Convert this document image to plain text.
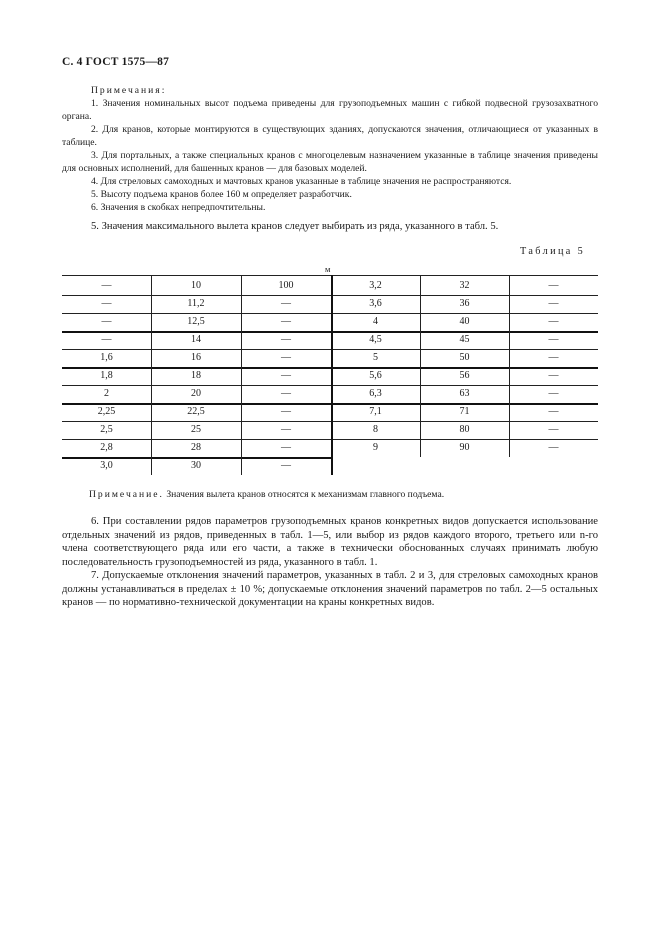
С. 4 ГОСТ 1575—87
Примечания:

1. Значения номинальных высот подъема приведены для грузоподъемных машин с гибкой подвесной грузозахватного органа.

2. Для кранов, которые монтируются в существующих зданиях, допускаются значения, отличающиеся от указанных в таблице.

3. Для портальных, а также специальных кранов с многоцелевым назначением указанные в таблице значения приведены для основных исполнений, для башенных кранов — для базовых моделей.

4. Для стреловых самоходных и мачтовых кранов указанные в таблице значения не распространяются.

5. Высоту подъема кранов более 160 м определяет разработчик.

6. Значения в скобках непредпочтительны.

5. Значения максимального вылета кранов следует выбирать из ряда, указанного в табл. 5.
Таблица 5
м
—	10	100	3,2	32	—
—	11,2	—	3,6	36	—
—	12,5	—	4	40	—
—	14	—	4,5	45	—
1,6	16	—	5	50	—
1,8	18	—	5,6	56	—
2	20	—	6,3	63	—
2,25	22,5	—	7,1	71	—
2,5	25	—	8	80	—
2,8	28	—	9	90	—
3,0	30	—
Примечание. Значения вылета кранов относятся к механизмам главного подъема.

6. При составлении рядов параметров грузоподъемных кранов конкретных видов допускается использование отдельных значений из рядов, приведенных в табл. 1—5, или выбор из рядов каждого второго, третьего или n-го члена соответствующего ряда или его части, а также в технически обоснованных случаях принимать любую последовательность грузоподъемностей из ряда, указанного в табл. 1.

7. Допускаемые отклонения значений параметров, указанных в табл. 2 и 3, для стреловых самоходных кранов должны устанавливаться в пределах ± 10 %; допускаемые отклонения значений параметров по табл. 2—5 остальных кранов — по нормативно-технической документации на краны конкретных видов.
